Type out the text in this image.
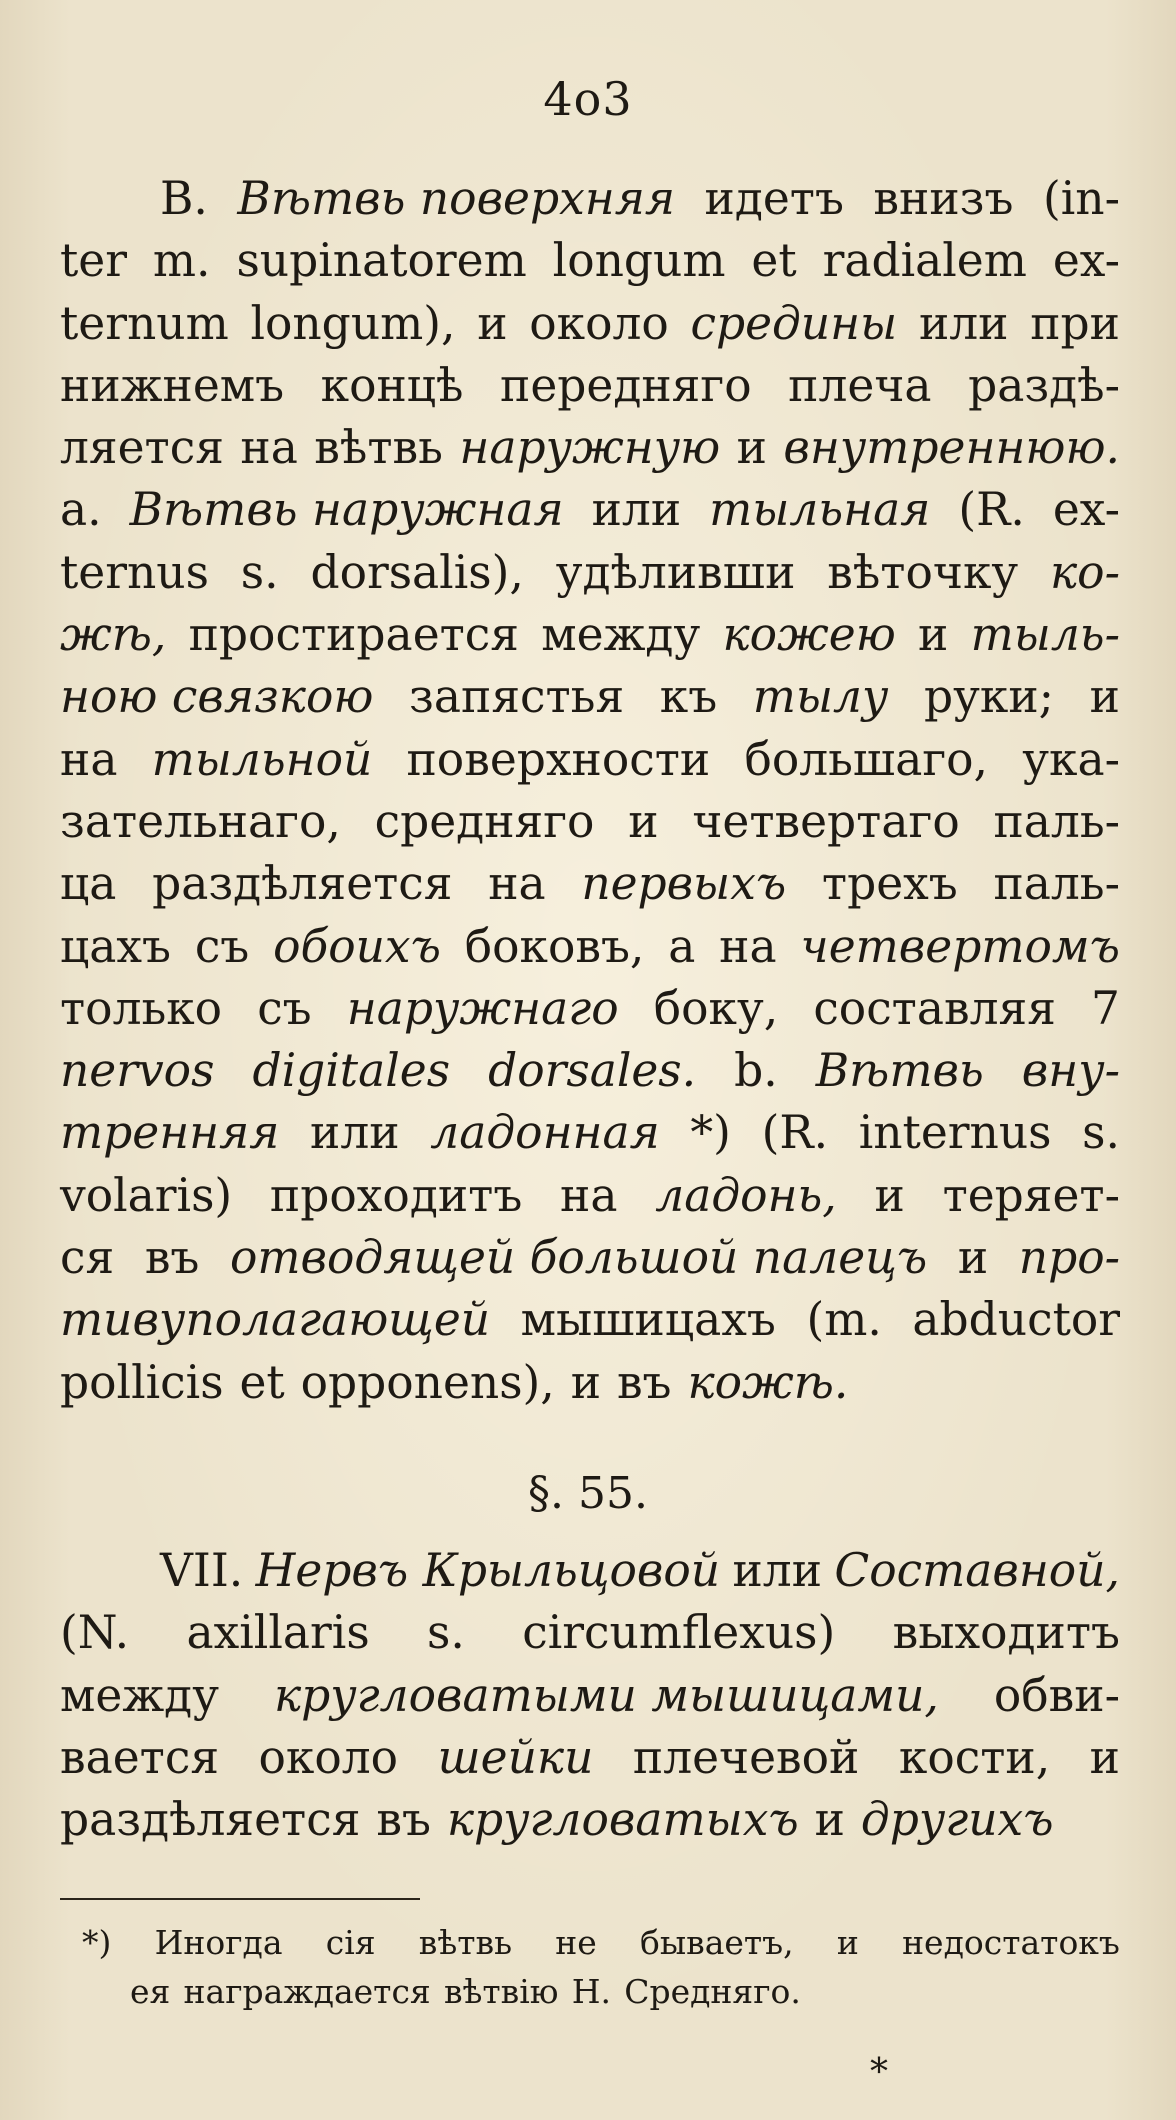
4о3
В. Вѣтвь поверхняя идетъ внизъ (in-
ter m. supinatorem longum et radialem ex-
ternum longum), и около средины или при
нижнемъ концѣ передняго плеча раздѣ-
ляется на вѣтвь наружную и внутреннюю.
а. Вѣтвь наружная или тыльная (R. ex-
ternus s. dorsalis), удѣливши вѣточку ко-
жѣ, простирается между кожею и тыль-
ною связкою запястья къ тылу руки; и
на тыльной поверхности большаго, ука-
зательнаго, средняго и четвертаго паль-
ца раздѣляется на первыхъ трехъ паль-
цахъ съ обоихъ боковъ, а на четвертомъ
только съ наружнаго боку, составляя 7
nervos digitales dorsales. b. Вѣтвь вну-
тренняя или ладонная *) (R. internus s.
volaris) проходитъ на ладонь, и теряет-
ся въ отводящей большой палецъ и про-
тивуполагающей мышицахъ (m. abductor
pollicis et opponens), и въ кожѣ.
§. 55.
VII. Нервъ Крыльцовой или Составной,
(N. axillaris s. circumflexus) выходитъ
между кругловатыми мышицами, обви-
вается около шейки плечевой кости, и
раздѣляется въ кругловатыхъ и другихъ
*) Иногда сія вѣтвь не бываетъ, и недостатокъ
ея награждается вѣтвію Н. Средняго.
*
